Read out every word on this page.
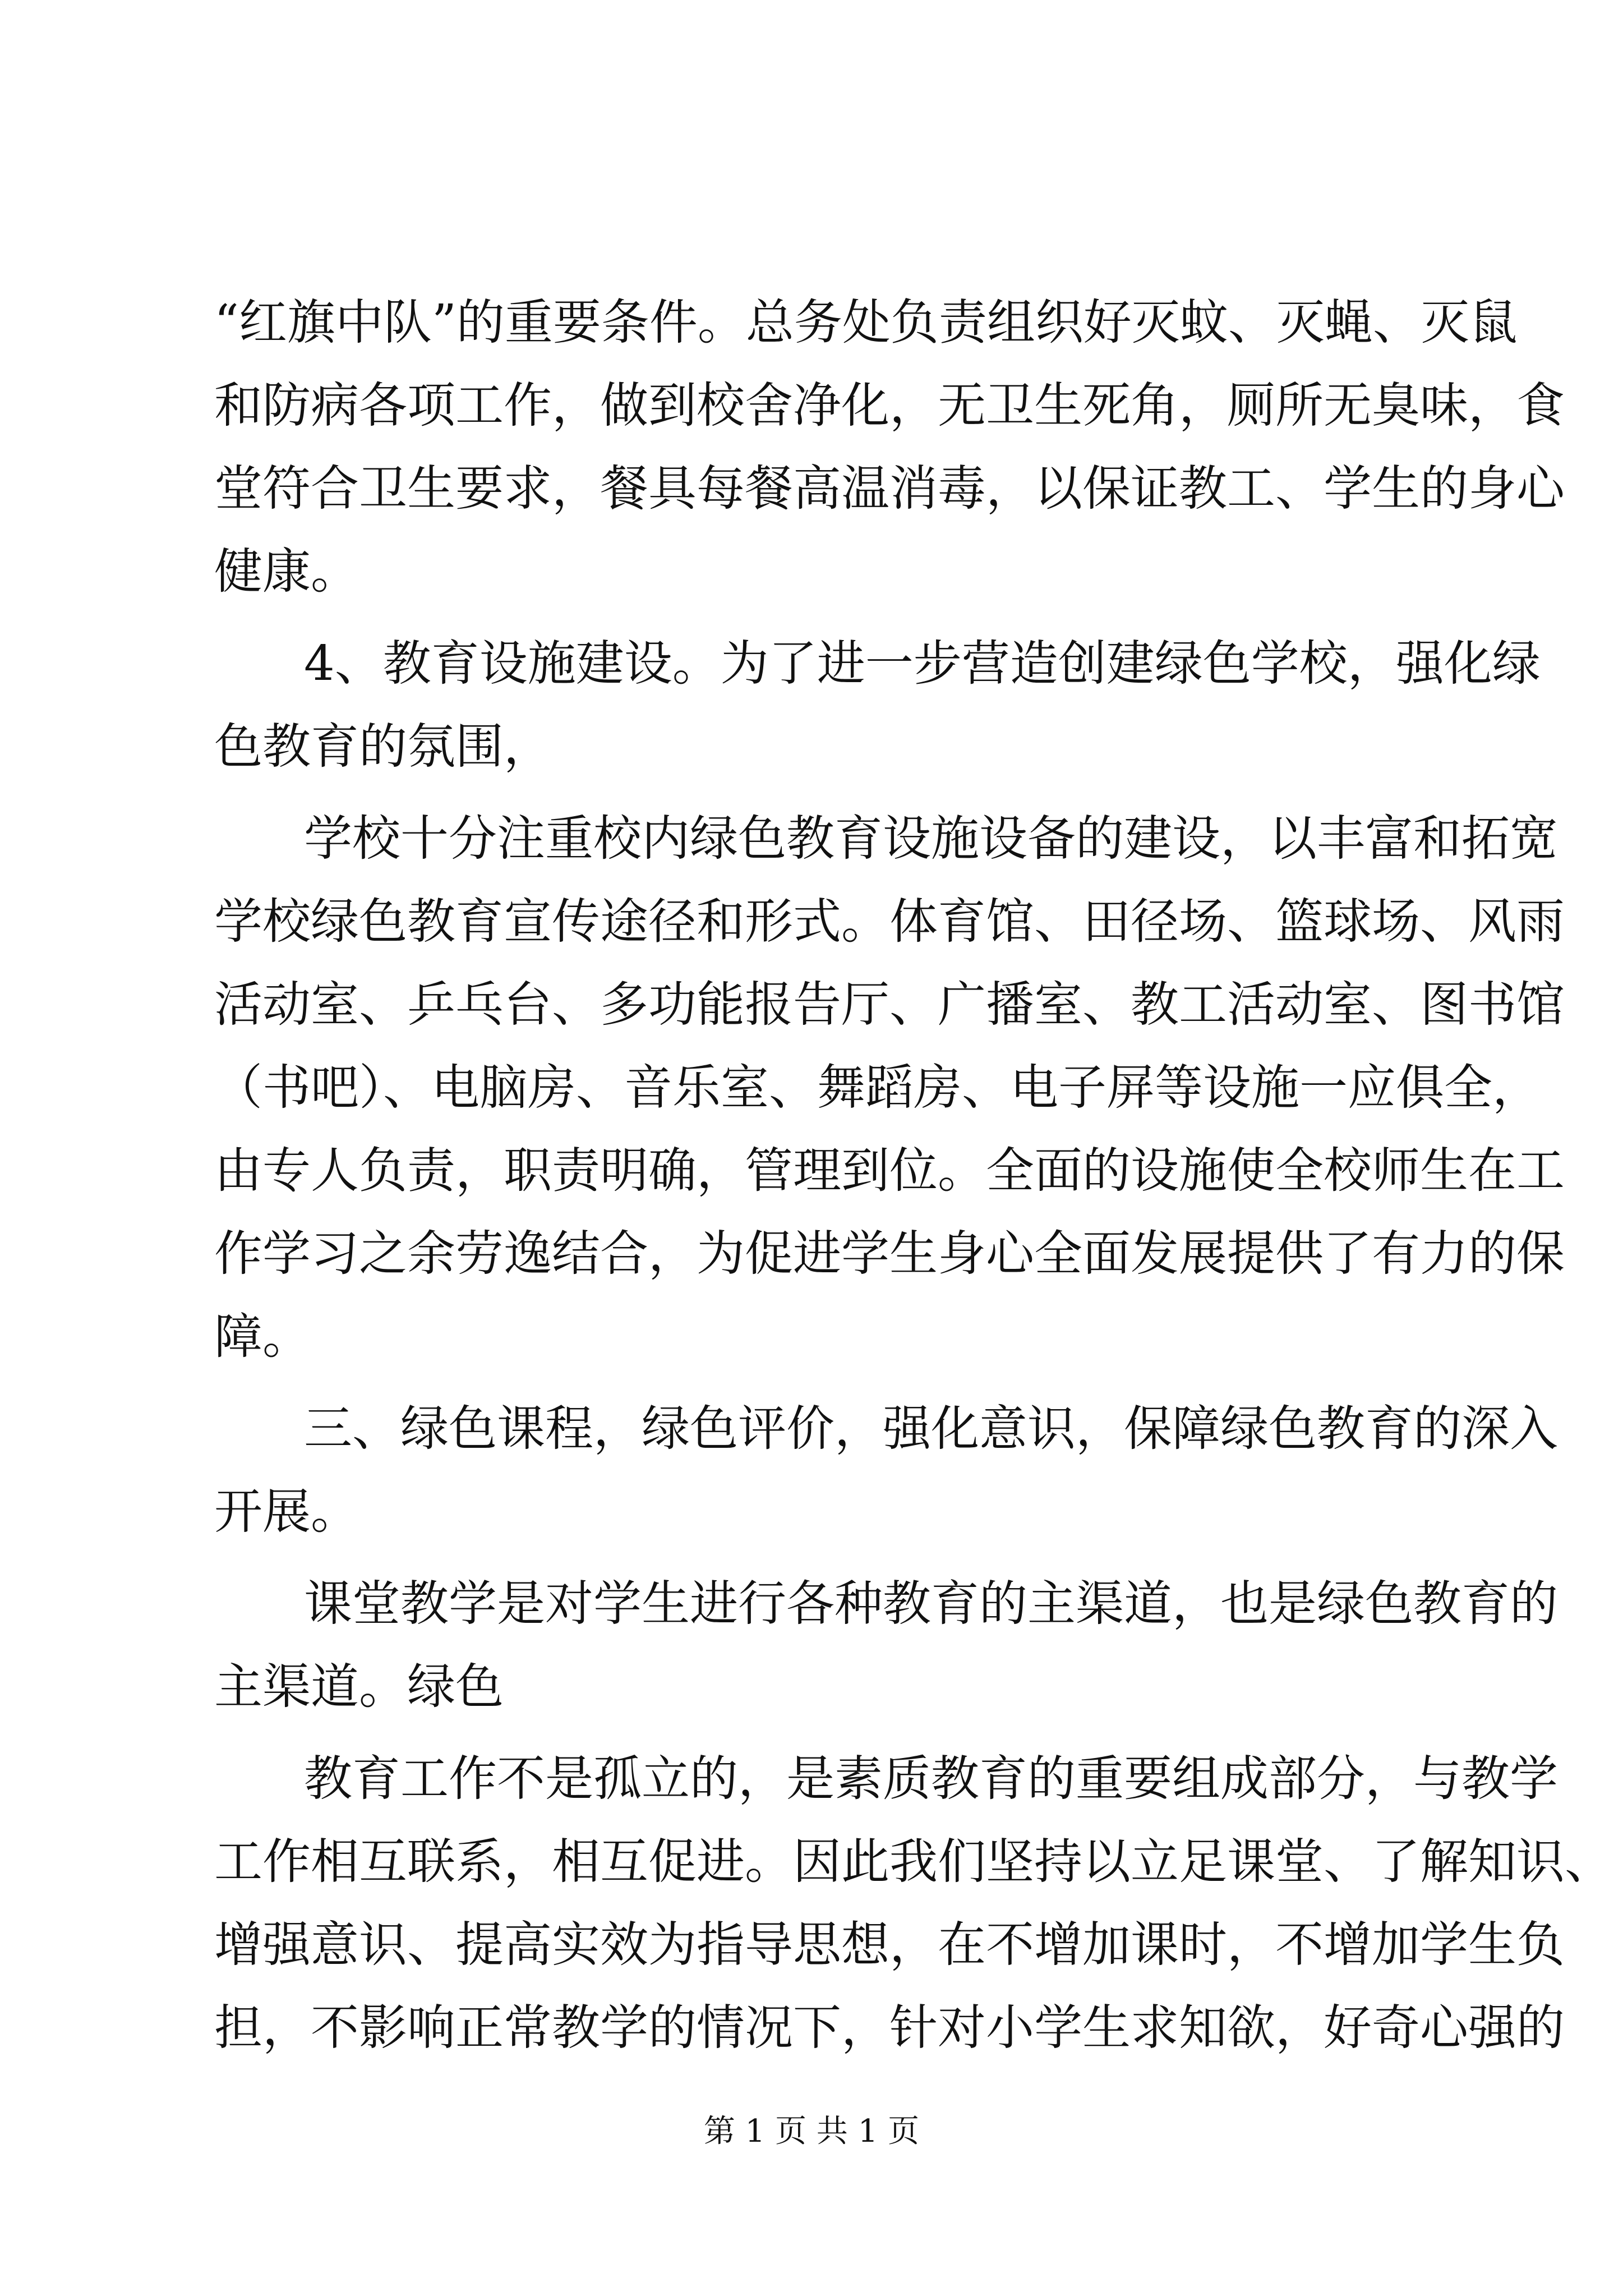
“红旗中队”的重要条件。总务处负责组织好灭蚊、灭蝇、灭鼠
和防病各项工作，做到校舍净化，无卫生死角，厕所无臭味，食
堂符合卫生要求，餐具每餐高温消毒，以保证教工、学生的身心
健康。
4、教育设施建设。为了进一步营造创建绿色学校，强化绿
色教育的氛围，
学校十分注重校内绿色教育设施设备的建设，以丰富和拓宽
学校绿色教育宣传途径和形式。体育馆、田径场、篮球场、风雨
活动室、乒乓台、多功能报告厅、广播室、教工活动室、图书馆
（书吧）、电脑房、音乐室、舞蹈房、电子屏等设施一应俱全，
由专人负责，职责明确，管理到位。全面的设施使全校师生在工
作学习之余劳逸结合，为促进学生身心全面发展提供了有力的保
障。
三、绿色课程，绿色评价，强化意识，保障绿色教育的深入
开展。
课堂教学是对学生进行各种教育的主渠道，也是绿色教育的
主渠道。绿色
教育工作不是孤立的，是素质教育的重要组成部分，与教学
工作相互联系，相互促进。因此我们坚持以立足课堂、了解知识、
增强意识、提高实效为指导思想，在不增加课时，不增加学生负
担，不影响正常教学的情况下，针对小学生求知欲，好奇心强的
第 1 页 共 1 页
